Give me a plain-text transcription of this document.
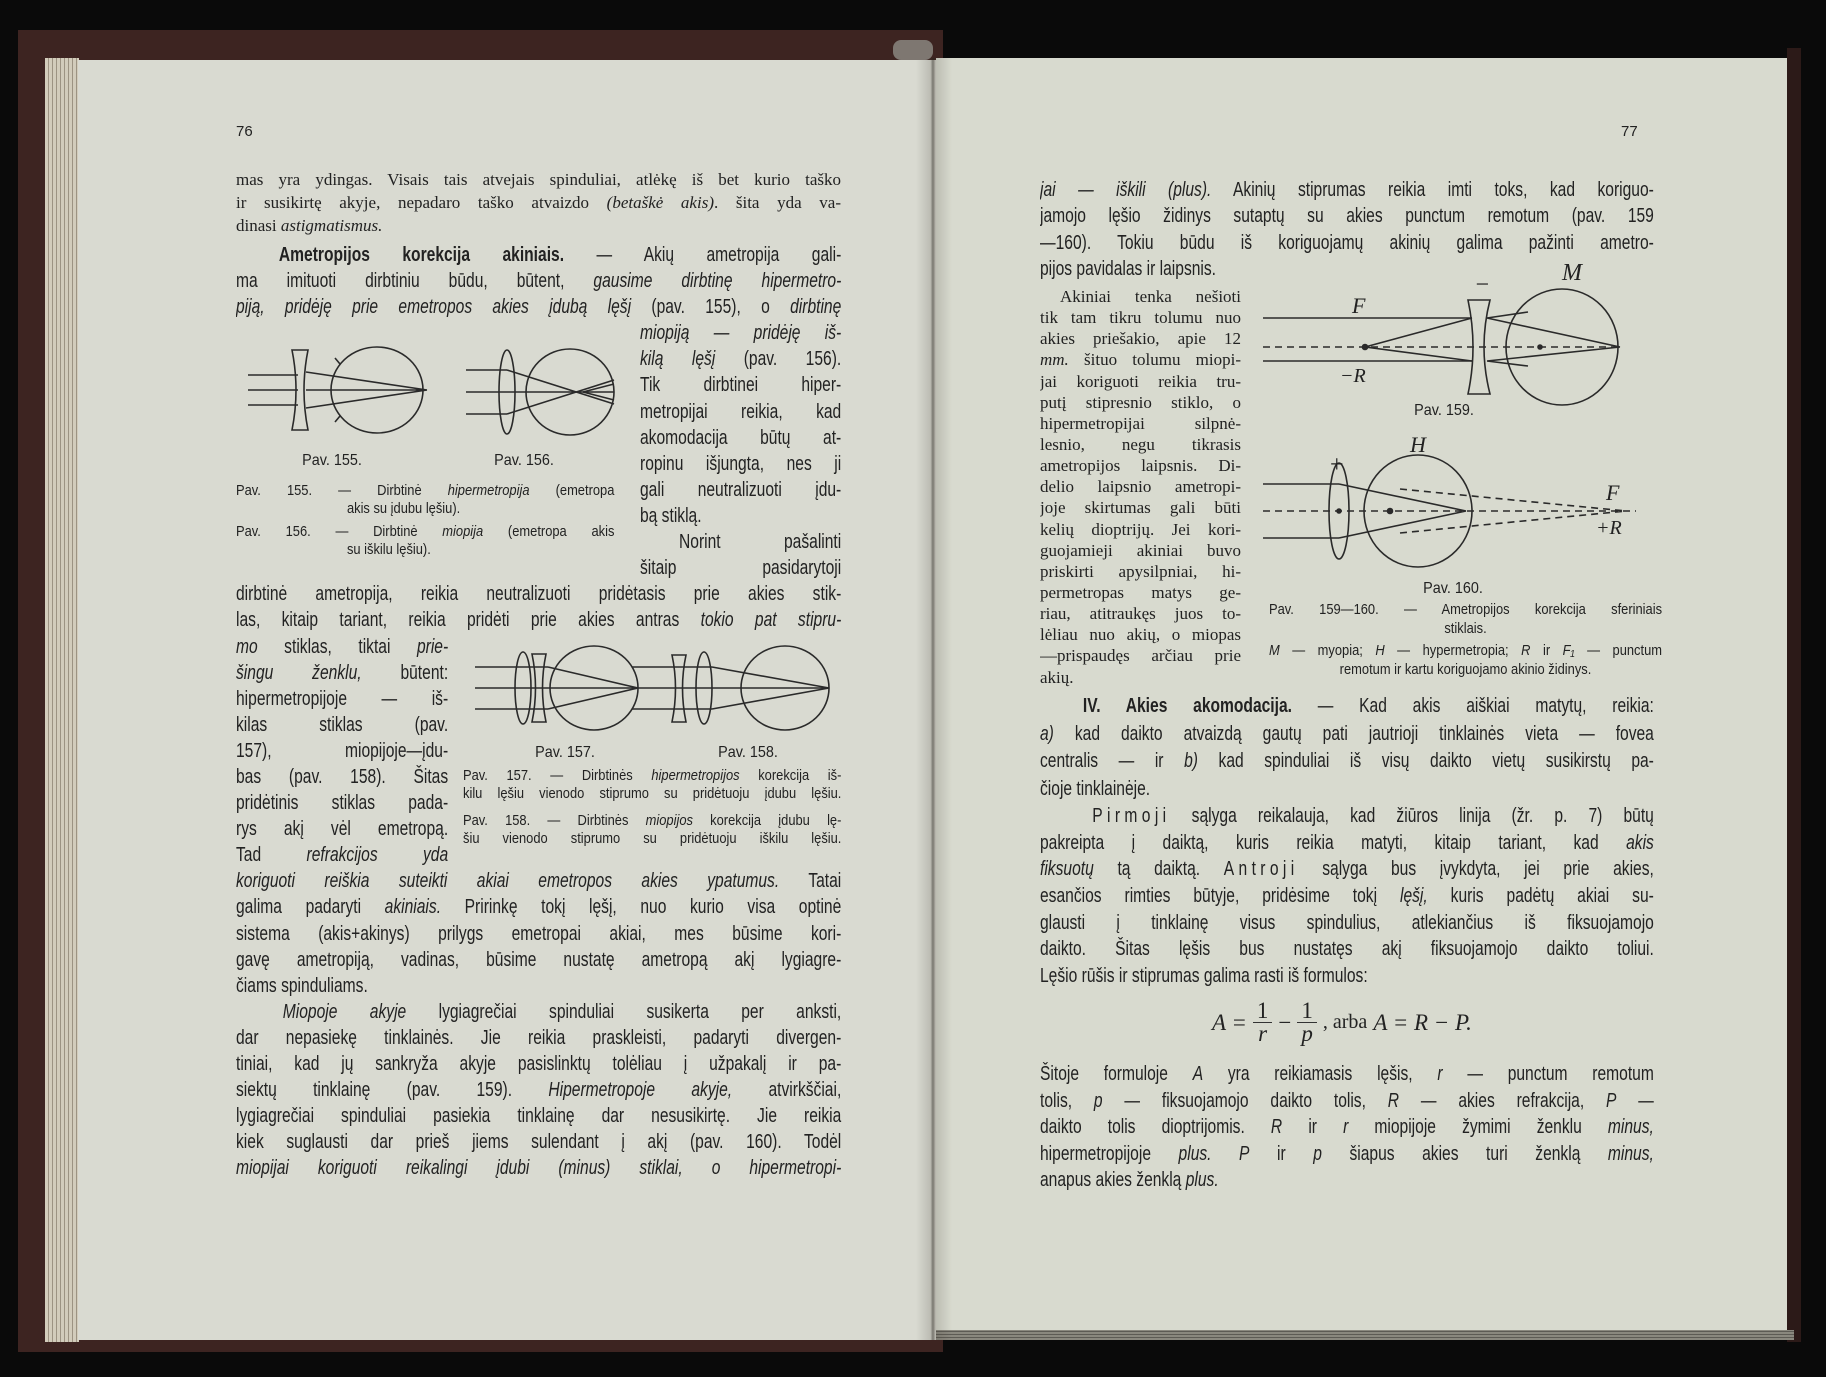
76
mas yra ydingas. Visais tais atvejais spinduliai, atlėkę iš bet kurio taško
ir susikirtę akyje, nepadaro taško atvaizdo (betaškė akis). šita yda va-
dinasi astigmatismus.
Ametropijos korekcija akiniais. — Akių ametropija gali-
ma imituoti dirbtiniu būdu, būtent, gausime dirbtinę hipermetro-
piją, pridėję prie emetropos akies įdubą lęšį (pav. 155), o dirbtinę
miopiją — pridėję iš-
kilą lęšį (pav. 156).
Tik dirbtinei hiper-
metropijai reikia, kad
akomodacija būtų at-
ropinu išjungta, nes ji
gali neutralizuoti įdu-
bą stiklą.
Norint pašalinti
šitaip pasidarytoji
dirbtinė ametropija, reikia neutralizuoti pridėtasis prie akies stik-
las, kitaip tariant, reikia pridėti prie akies antras tokio pat stipru-
mo stiklas, tiktai prie-
šingu ženklu, būtent:
hipermetropijoje — iš-
kilas stiklas (pav.
157), miopijoje—įdu-
bas (pav. 158). Šitas
pridėtinis stiklas pada-
rys akį vėl emetropą.
Tad refrakcijos yda
koriguoti reiškia suteikti akiai emetropos akies ypatumus. Tatai
galima padaryti akiniais. Pririnkę tokį lęšį, nuo kurio visa optinė
sistema (akis+akinys) prilygs emetropai akiai, mes būsime kori-
gavę ametropiją, vadinas, būsime nustatę ametropą akį lygiagre-
čiams spinduliams.
Miopoje akyje lygiagrečiai spinduliai susikerta per anksti,
dar nepasiekę tinklainės. Jie reikia praskleisti, padaryti divergen-
tiniai, kad jų sankryža akyje pasislinktų tolėliau į užpakalį ir pa-
siektų tinklainę (pav. 159). Hipermetropoje akyje, atvirkščiai,
lygiagrečiai spinduliai pasiekia tinklainę dar nesusikirtę. Jie reikia
kiek suglausti dar prieš jiems sulendant į akį (pav. 160). Todėl
miopijai koriguoti reikalingi įdubi (minus) stiklai, o hipermetropi-
Pav. 155.	Pav. 156.
Pav. 155. — Dirbtinė hipermetropija (emetropa
akis su įdubu lęšiu).
Pav. 156. — Dirbtinė miopija (emetropa akis
su iškilu lęšiu).
Pav. 157.	Pav. 158.
Pav. 157. — Dirbtinės hipermetropijos korekcija iš-
kilu lęšiu vienodo stiprumo su pridėtuoju įdubu lęšiu.
Pav. 158. — Dirbtinės miopijos korekcija įdubu lę-
šiu vienodo stiprumo su pridėtuoju iškilu lęšiu.
77
jai — iškili (plus). Akinių stiprumas reikia imti toks, kad koriguo-
jamojo lęšio židinys sutaptų su akies punctum remotum (pav. 159
—160). Tokiu būdu iš koriguojamų akinių galima pažinti ametro-
pijos pavidalas ir laipsnis.
Akiniai tenka nešioti
tik tam tikru tolumu nuo
akies priešakio, apie 12
mm. šituo tolumu miopi-
jai koriguoti reikia tru-
putį stipresnio stiklo, o
hipermetropijai silpnė-
lesnio, negu tikrasis
ametropijos laipsnis. Di-
delio laipsnio ametropi-
joje skirtumas gali būti
kelių dioptrijų. Jei kori-
guojamieji akiniai buvo
priskirti apysilpniai, hi-
permetropas matys ge-
riau, atitraukęs juos to-
lėliau nuo akių, o miopas
—prispaudęs arčiau prie
akių.
Pav. 159.
Pav. 160.
Pav. 159—160. — Ametropijos korekcija sferiniais
stiklais.
M — myopia; H — hypermetropia; R ir F₁ — punctum
remotum ir kartu koriguojamo akinio židinys.
IV. Akies akomodacija. — Kad akis aiškiai matytų, reikia:
a) kad daikto atvaizdą gautų pati jautrioji tinklainės vieta — fovea
centralis — ir b) kad spinduliai iš visų daikto vietų susikirstų pa-
čioje tinklainėje.
Pirmoji sąlyga reikalauja, kad žiūros linija (žr. p. 7) būtų
pakreipta į daiktą, kuris reikia matyti, kitaip tariant, kad akis
fiksuotų tą daiktą. Antroji sąlyga bus įvykdyta, jei prie akies,
esančios rimties būtyje, pridėsime tokį lęšį, kuris padėtų akiai su-
glausti į tinklainę visus spindulius, atlekiančius iš fiksuojamojo
daikto. Šitas lęšis bus nustatęs akį fiksuojamojo daikto toliui.
Lęšio rūšis ir stiprumas galima rasti iš formulos:
$A = \frac{1}{r} - \frac{1}{p}$ , arba A = R − P.
Šitoje formuloje A yra reikiamasis lęšis, r — punctum remotum
tolis, p — fiksuojamojo daikto tolis, R — akies refrakcija, P —
daikto tolis dioptrijomis. R ir r miopijoje žymimi ženklu minus,
hipermetropijoje plus. P ir p šiapus akies turi ženklą minus,
anapus akies ženklą plus.
−	M
F
−R
+
H
F
+R
